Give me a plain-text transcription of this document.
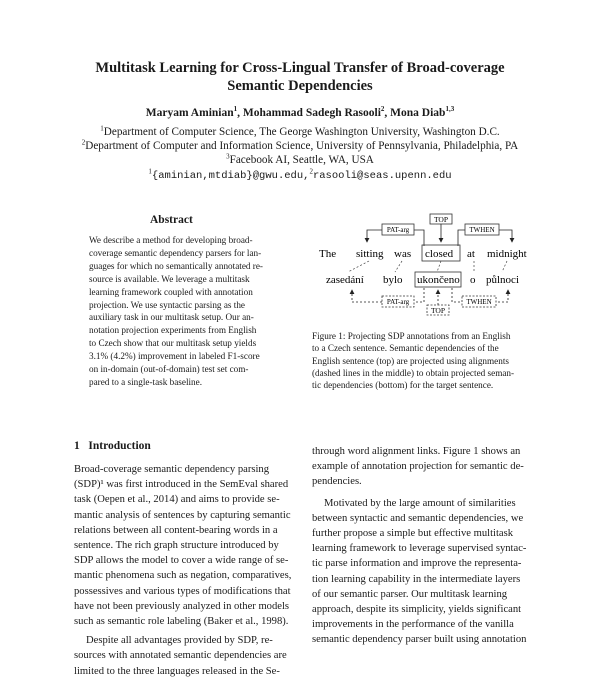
Multitask Learning for Cross-Lingual Transfer of Broad-coverage
Semantic Dependencies
Maryam Aminian$^1$, Mohammad Sadegh Rasooli$^2$, Mona Diab$^{1,3}$
$^1$Department of Computer Science, The George Washington University, Washington D.C.
$^2$Department of Computer and Information Science, University of Pennsylvania, Philadelphia, PA
$^3$Facebook AI, Seattle, WA, USA
$^1${aminian,mtdiab}@gwu.edu,$^2$rasooli@seas.upenn.edu
Abstract
We describe a method for developing broad-
coverage semantic dependency parsers for lan-
guages for which no semantically annotated re-
source is available. We leverage a multitask
learning framework coupled with annotation
projection. We use syntactic parsing as the
auxiliary task in our multitask setup. Our an-
notation projection experiments from English
to Czech show that our multitask setup yields
3.1% (4.2%) improvement in labeled F1-score
on in-domain (out-of-domain) test set com-
pared to a single-task baseline.
TOP
PAT-arg	TWHEN
The sitting was closed at midnight
zasedání bylo ukončeno o půlnoci
PAT-arg	TWHEN
TOP
Figure 1: Projecting SDP annotations from an English
to a Czech sentence. Semantic dependencies of the
English sentence (top) are projected using alignments
(dashed lines in the middle) to obtain projected seman-
tic dependencies (bottom) for the target sentence.
1 Introduction
Broad-coverage semantic dependency parsing
(SDP)¹ was first introduced in the SemEval shared
task (Oepen et al., 2014) and aims to provide se-
mantic analysis of sentences by capturing semantic
relations between all content-bearing words in a
sentence. The rich graph structure introduced by
SDP allows the model to cover a wide range of se-
mantic phenomena such as negation, comparatives,
possessives and various types of modifications that
have not been previously analyzed in other models
such as semantic role labeling (Baker et al., 1998).
Despite all advantages provided by SDP, re-
sources with annotated semantic dependencies are
limited to the three languages released in the Se-
through word alignment links. Figure 1 shows an
example of annotation projection for semantic de-
pendencies.
Motivated by the large amount of similarities
between syntactic and semantic dependencies, we
further propose a simple but effective multitask
learning framework to leverage supervised syntac-
tic parse information and improve the representa-
tion learning capability in the intermediate layers
of our semantic parser. Our multitask learning
approach, despite its simplicity, yields significant
improvements in the performance of the vanilla
semantic dependency parser built using annotation
